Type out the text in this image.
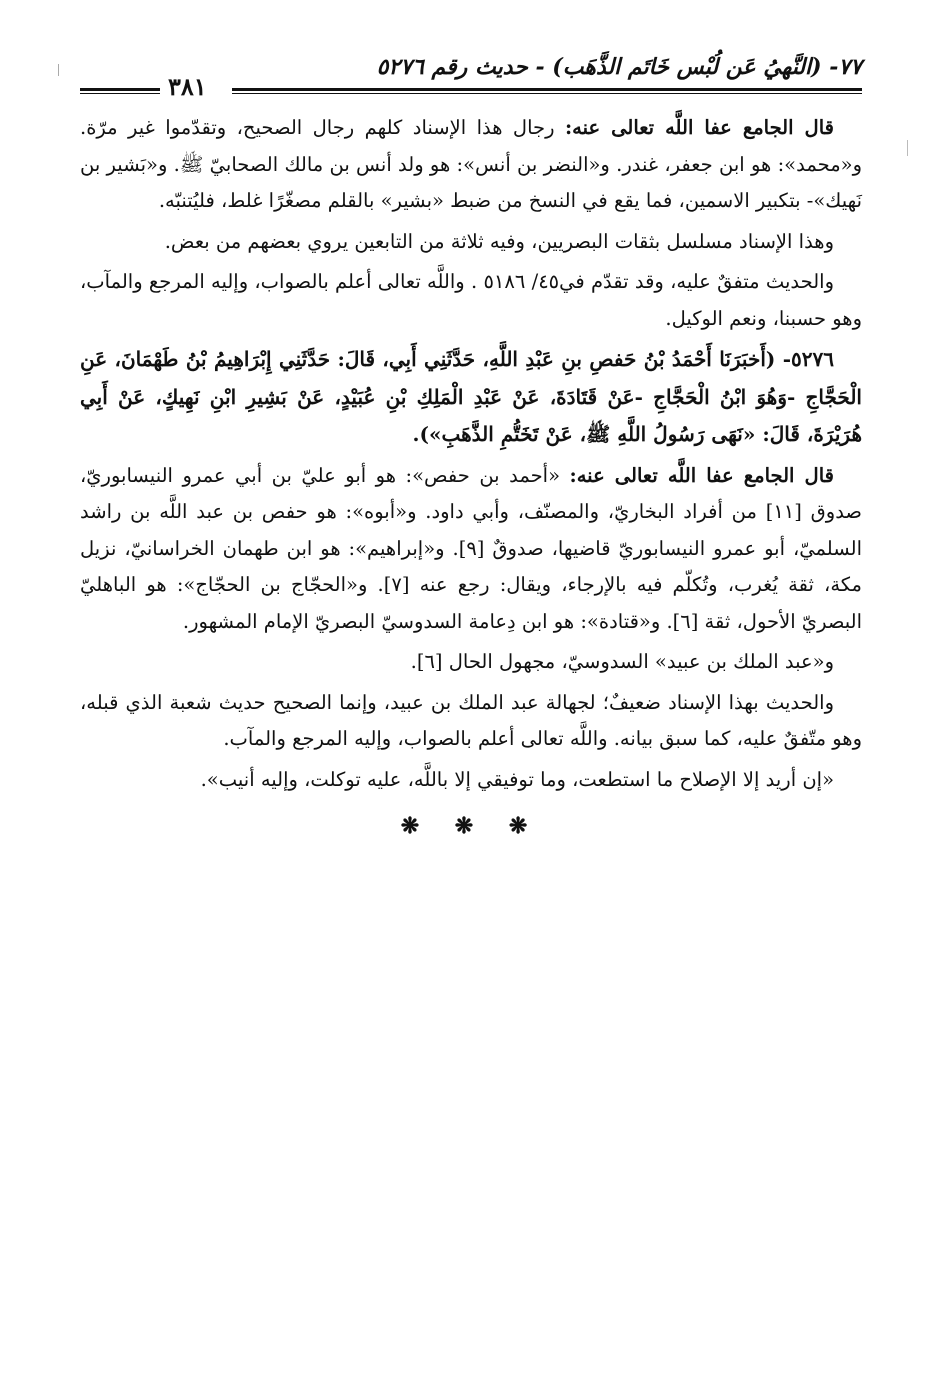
٧٧- (النَّهيُ عَن لُبْس خَاتَم الذَّهَب) - حديث رقم ٥٢٧٦
٣٨١

قال الجامع عفا اللَّه تعالى عنه: رجال هذا الإسناد كلهم رجال الصحيح، وتقدّموا غير مرّة. و«محمد»: هو ابن جعفر، غندر. و«النضر بن أنس»: هو ولد أنس بن مالك الصحابيّ ﷺ. و«بَشير بن نَهيك»- بتكبير الاسمين، فما يقع في النسخ من ضبط «بشير» بالقلم مصغّرًا غلط، فليُتنبّه.

وهذا الإسناد مسلسل بثقات البصريين، وفيه ثلاثة من التابعين يروي بعضهم من بعض.

والحديث متفقٌ عليه، وقد تقدّم في٤٥/ ٥١٨٦ . واللَّه تعالى أعلم بالصواب، وإليه المرجع والمآب، وهو حسبنا، ونعم الوكيل.

٥٢٧٦- (أَخبَرَنَا أَحْمَدُ بْنُ حَفصِ بنِ عَبْدِ اللَّهِ، حَدَّثَنِي أَبِي، قَالَ: حَدَّثَنِي إِبْرَاهِيمُ بْنُ طَهْمَانَ، عَنِ الْحَجَّاجِ -وَهُوَ ابْنُ الْحَجَّاجِ -عَنْ قَتَادَةَ، عَنْ عَبْدِ الْمَلِكِ بْنِ عُبَيْدٍ، عَنْ بَشِيرِ ابْنِ نَهِيكٍ، عَنْ أَبِي هُرَيْرَةَ، قَالَ: «نَهَى رَسُولُ اللَّهِ ﷺ، عَنْ تَخَتُّمِ الذَّهَبِ»).

قال الجامع عفا اللَّه تعالى عنه: «أحمد بن حفص»: هو أبو عليّ بن أبي عمرو النيسابوريّ، صدوق [١١] من أفراد البخاريّ، والمصنّف، وأبي داود. و«أبوه»: هو حفص بن عبد اللَّه بن راشد السلميّ، أبو عمرو النيسابوريّ قاضيها، صدوقٌ [٩]. و«إبراهيم»: هو ابن طهمان الخراسانيّ، نزيل مكة، ثقة يُغرب، وتُكلّم فيه بالإرجاء، ويقال: رجع عنه [٧]. و«الحجّاج بن الحجّاج»: هو الباهليّ البصريّ الأحول، ثقة [٦]. و«قتادة»: هو ابن دِعامة السدوسيّ البصريّ الإمام المشهور.

و«عبد الملك بن عبيد» السدوسيّ، مجهول الحال [٦].

والحديث بهذا الإسناد ضعيفٌ؛ لجهالة عبد الملك بن عبيد، وإنما الصحيح حديث شعبة الذي قبله، وهو متّفقٌ عليه، كما سبق بيانه. واللَّه تعالى أعلم بالصواب، وإليه المرجع والمآب.

«إن أريد إلا الإصلاح ما استطعت، وما توفيقي إلا باللَّه، عليه توكلت، وإليه أنيب».

❋ ❋ ❋
